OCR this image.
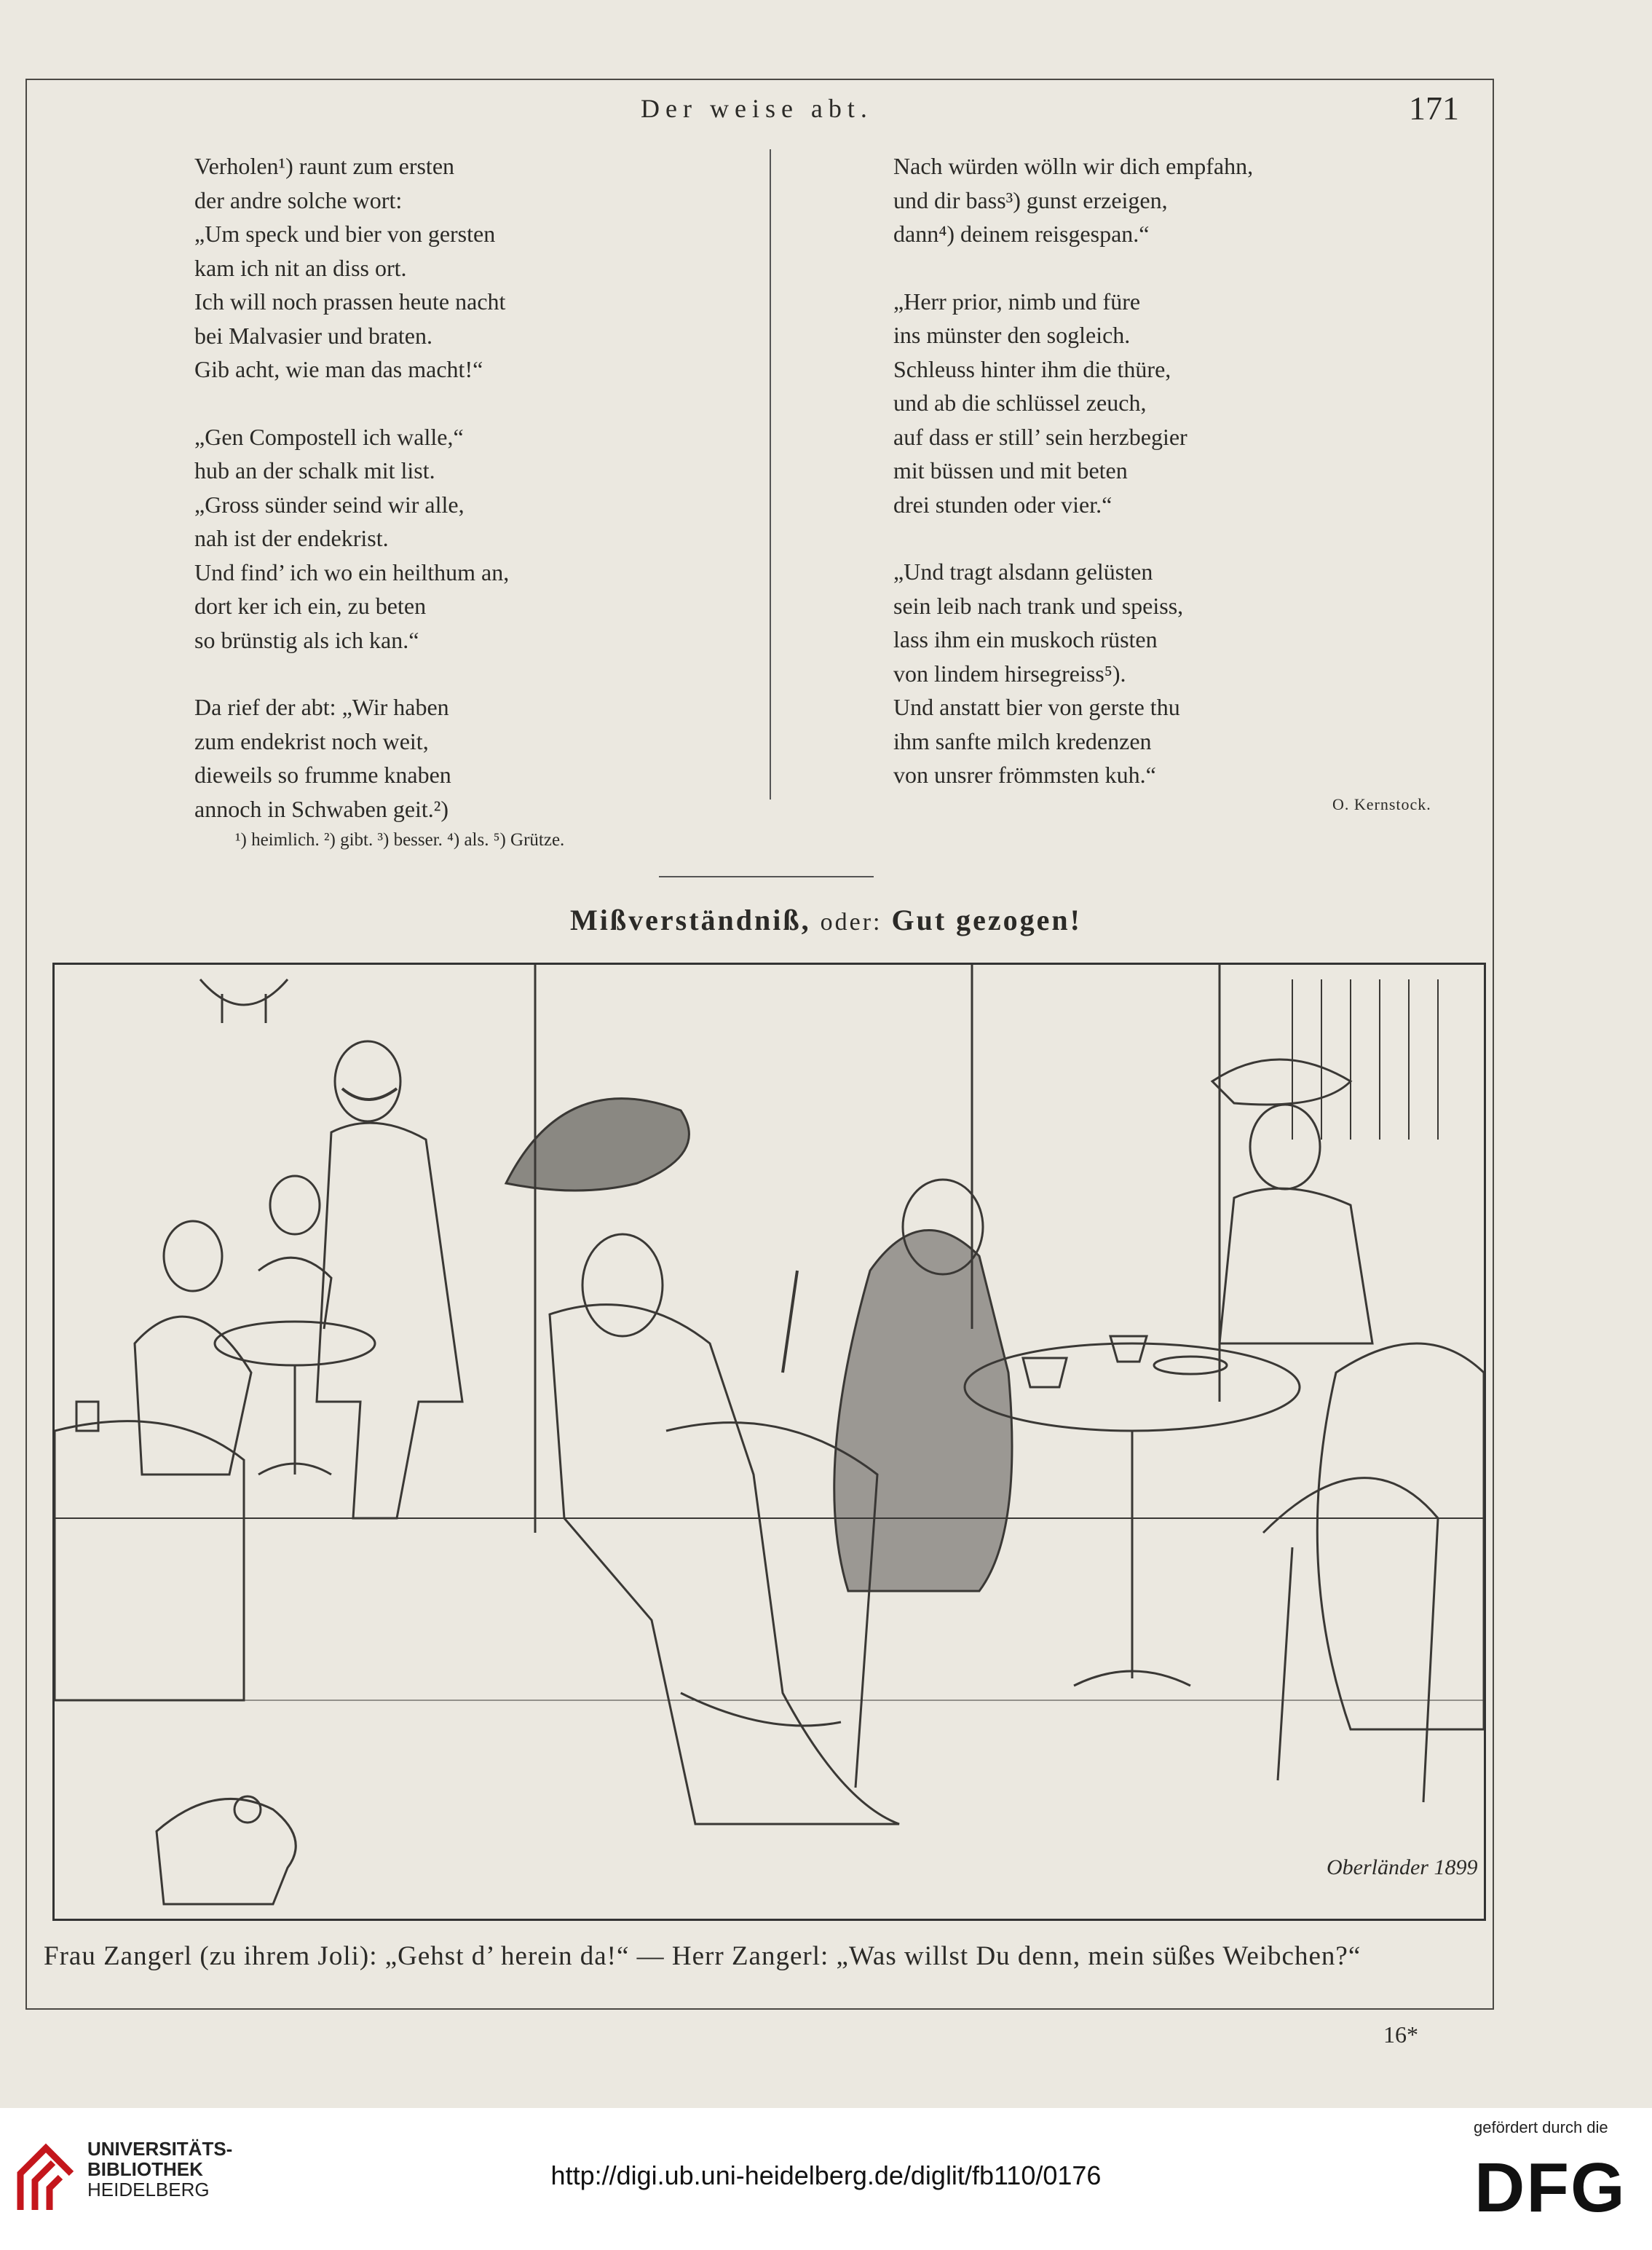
Der weise abt.	171
Verholen¹) raunt zum ersten
der andre solche wort:
„Um speck und bier von gersten
kam ich nit an diss ort.
Ich will noch prassen heute nacht
bei Malvasier und braten.
Gib acht, wie man das macht!“
„Gen Compostell ich walle,“
hub an der schalk mit list.
„Gross sünder seind wir alle,
nah ist der endekrist.
Und find’ ich wo ein heilthum an,
dort ker ich ein, zu beten
so brünstig als ich kan.“
Da rief der abt: „Wir haben
zum endekrist noch weit,
dieweils so frumme knaben
annoch in Schwaben geit.²)
Nach würden wölln wir dich empfahn,
und dir bass³) gunst erzeigen,
dann⁴) deinem reisgespan.“
„Herr prior, nimb und füre
ins münster den sogleich.
Schleuss hinter ihm die thüre,
und ab die schlüssel zeuch,
auf dass er still’ sein herzbegier
mit büssen und mit beten
drei stunden oder vier.“
„Und tragt alsdann gelüsten
sein leib nach trank und speiss,
lass ihm ein muskoch rüsten
von lindem hirsegreiss⁵).
Und anstatt bier von gerste thu
ihm sanfte milch kredenzen
von unsrer frömmsten kuh.“
O. Kernstock.
¹) heimlich. ²) gibt. ³) besser. ⁴) als. ⁵) Grütze.
Mißverständniß, oder: Gut gezogen!
Oberländer 1899
Frau Zangerl (zu ihrem Joli): „Gehst d’ herein da!“ — Herr Zangerl: „Was willst Du denn, mein süßes Weibchen?“
16*
UNIVERSITÄTS-
BIBLIOTHEK
HEIDELBERG	http://digi.ub.uni-heidelberg.de/diglit/fb110/0176
gefördert durch die
DFG
